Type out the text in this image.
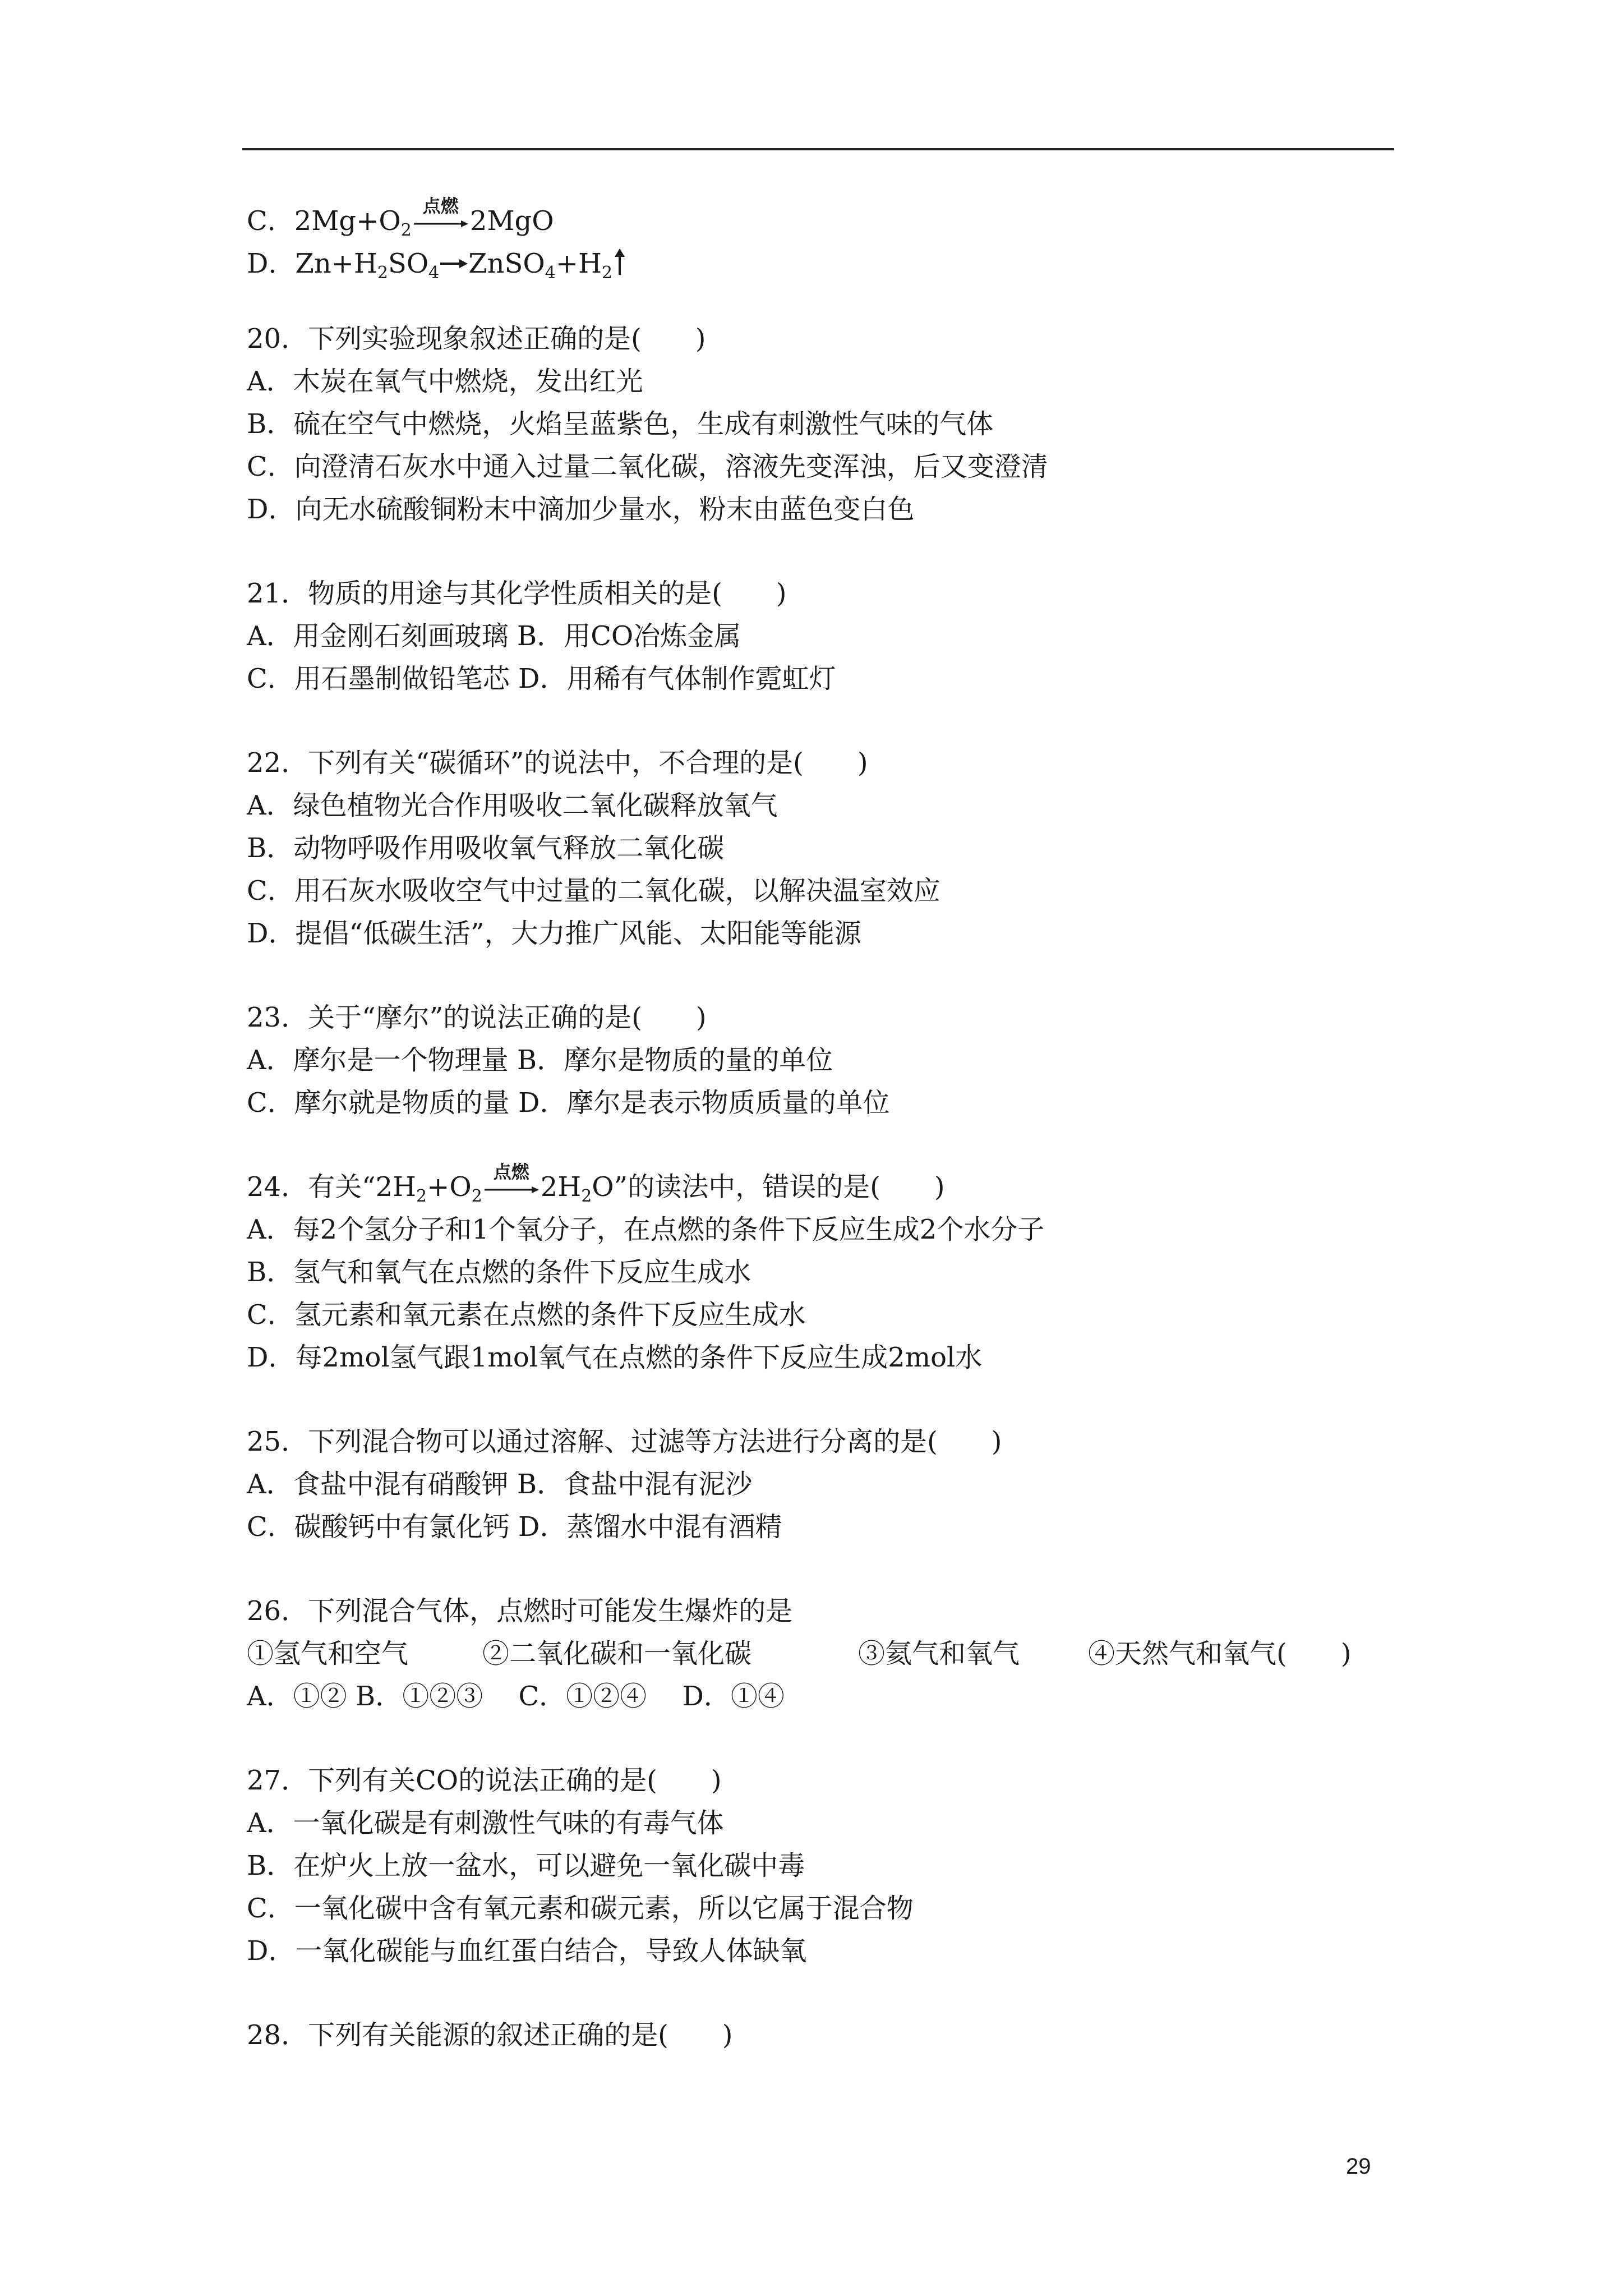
C．$2Mg+O_2$
点燃 2MgO
D．$Zn+H_2SO_4$ $ZnSO_4+H_2$
20．下列实验现象叙述正确的是(　　)
A．木炭在氧气中燃烧，发出红光
B．硫在空气中燃烧，火焰呈蓝紫色，生成有刺激性气味的气体
C．向澄清石灰水中通入过量二氧化碳，溶液先变浑浊，后又变澄清
D．向无水硫酸铜粉末中滴加少量水，粉末由蓝色变白色
21．物质的用途与其化学性质相关的是(　　)
A．用金刚石刻画玻璃 B．用CO冶炼金属
C．用石墨制做铅笔芯 D．用稀有气体制作霓虹灯
22．下列有关“碳循环”的说法中，不合理的是(　　)
A．绿色植物光合作用吸收二氧化碳释放氧气
B．动物呼吸作用吸收氧气释放二氧化碳
C．用石灰水吸收空气中过量的二氧化碳，以解决温室效应
D．提倡“低碳生活”，大力推广风能、太阳能等能源
23．关于“摩尔”的说法正确的是(　　)
A．摩尔是一个物理量 B．摩尔是物质的量的单位
C．摩尔就是物质的量 D．摩尔是表示物质质量的单位
24．有关“$2H_2+O_2$
点燃 $2H_2O$”的读法中，错误的是(　　)
A．每2个氢分子和1个氧分子，在点燃的条件下反应生成2个水分子
B．氢气和氧气在点燃的条件下反应生成水
C．氢元素和氧元素在点燃的条件下反应生成水
D．每2mol氢气跟1mol氧气在点燃的条件下反应生成2mol水
25．下列混合物可以通过溶解、过滤等方法进行分离的是(　　)
A．食盐中混有硝酸钾 B．食盐中混有泥沙
C．碳酸钙中有氯化钙 D．蒸馏水中混有酒精
26．下列混合气体，点燃时可能发生爆炸的是
①氢气和空气	②二氧化碳和一氧化碳	③氦气和氧气	④天然气和氧气(　　)
A．①② B．①②③　 C．①②④　 D．①④
27．下列有关CO的说法正确的是(　　)
A．一氧化碳是有刺激性气味的有毒气体
B．在炉火上放一盆水，可以避免一氧化碳中毒
C．一氧化碳中含有氧元素和碳元素，所以它属于混合物
D．一氧化碳能与血红蛋白结合，导致人体缺氧
28．下列有关能源的叙述正确的是(　　)
29
